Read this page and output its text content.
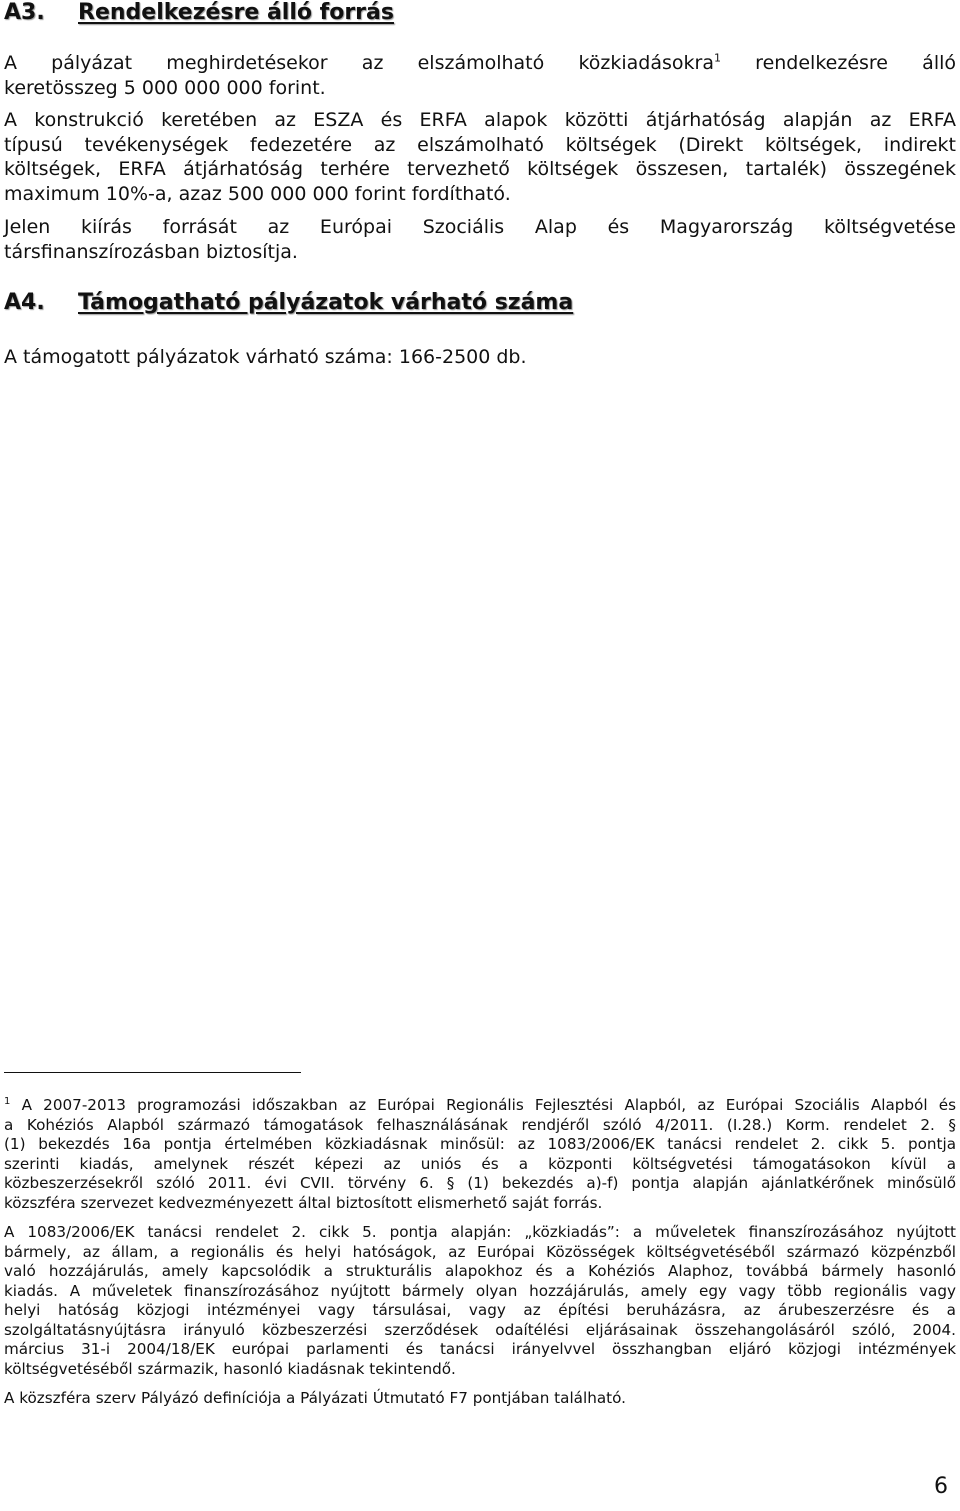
A3. Rendelkezésre álló forrás
A pályázat meghirdetésekor az elszámolható közkiadásokra$^1$ rendelkezésre álló
keretösszeg 5 000 000 000 forint.
A konstrukció keretében az ESZA és ERFA alapok közötti átjárhatóság alapján az ERFA
típusú tevékenységek fedezetére az elszámolható költségek (Direkt költségek, indirekt
költségek, ERFA átjárhatóság terhére tervezhető költségek összesen, tartalék) összegének
maximum 10%-a, azaz 500 000 000 forint fordítható.
Jelen kiírás forrását az Európai Szociális Alap és Magyarország költségvetése
társfinanszírozásban biztosítja.
A4. Támogatható pályázatok várható száma
A támogatott pályázatok várható száma: 166-2500 db.
$^1$ A 2007-2013 programozási időszakban az Európai Regionális Fejlesztési Alapból, az Európai Szociális Alapból és
a Kohéziós Alapból származó támogatások felhasználásának rendjéről szóló 4/2011. (I.28.) Korm. rendelet 2. §
(1) bekezdés 16a pontja értelmében közkiadásnak minősül: az 1083/2006/EK tanácsi rendelet 2. cikk 5. pontja
szerinti kiadás, amelynek részét képezi az uniós és a központi költségvetési támogatásokon kívül a
közbeszerzésekről szóló 2011. évi CVII. törvény 6. § (1) bekezdés a)-f) pontja alapján ajánlatkérőnek minősülő
közszféra szervezet kedvezményezett által biztosított elismerhető saját forrás.
A 1083/2006/EK tanácsi rendelet 2. cikk 5. pontja alapján: „közkiadás”: a műveletek finanszírozásához nyújtott
bármely, az állam, a regionális és helyi hatóságok, az Európai Közösségek költségvetéséből származó közpénzből
való hozzájárulás, amely kapcsolódik a strukturális alapokhoz és a Kohéziós Alaphoz, továbbá bármely hasonló
kiadás. A műveletek finanszírozásához nyújtott bármely olyan hozzájárulás, amely egy vagy több regionális vagy
helyi hatóság közjogi intézményei vagy társulásai, vagy az építési beruházásra, az árubeszerzésre és a
szolgáltatásnyújtásra irányuló közbeszerzési szerződések odaítélési eljárásainak összehangolásáról szóló, 2004.
március 31-i 2004/18/EK európai parlamenti és tanácsi irányelvvel összhangban eljáró közjogi intézmények
költségvetéséből származik, hasonló kiadásnak tekintendő.
A közszféra szerv Pályázó definíciója a Pályázati Útmutató F7 pontjában található.
6
